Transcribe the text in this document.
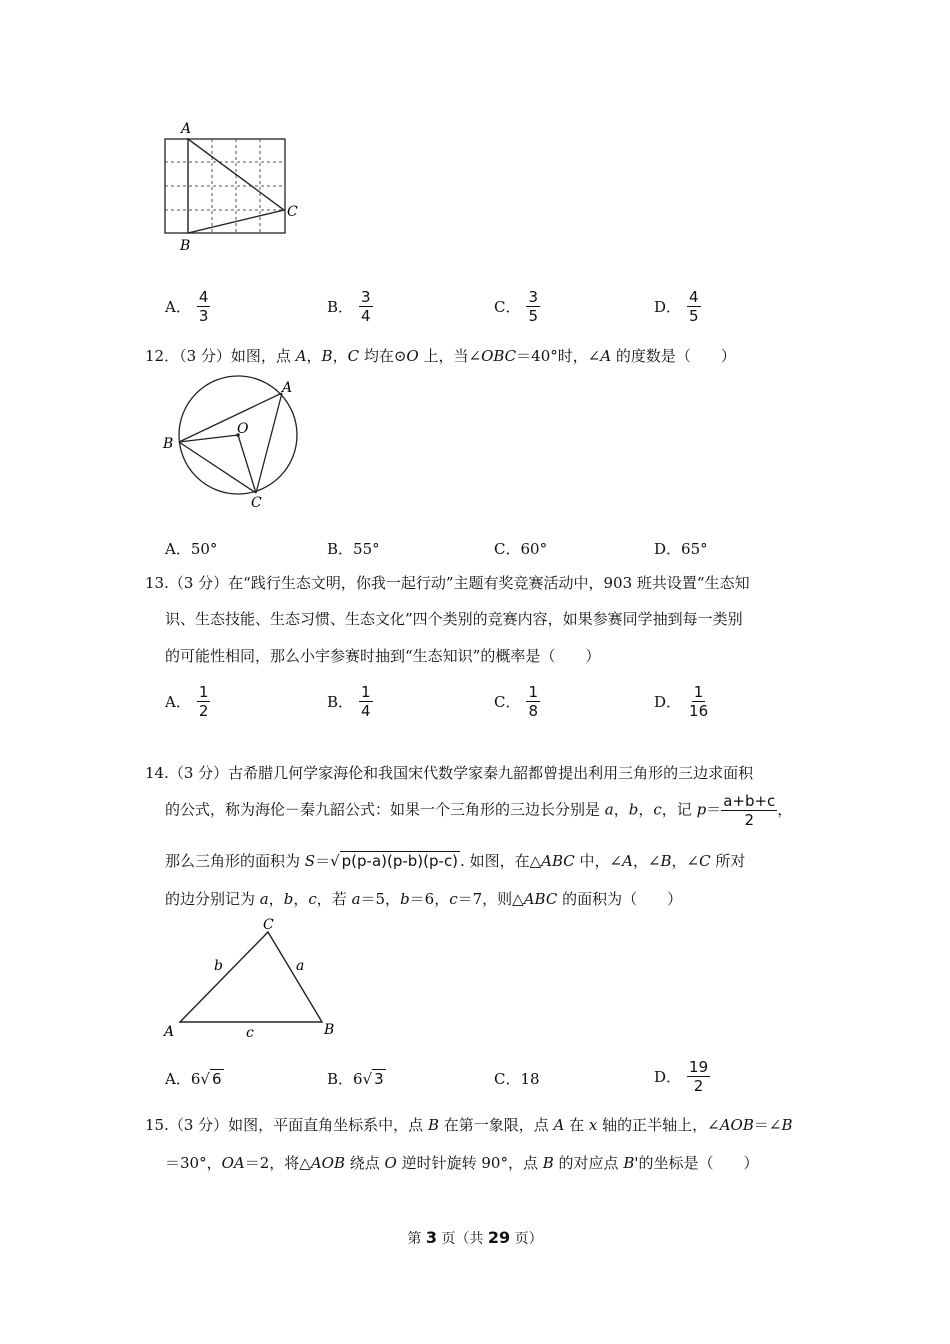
A
B
C
A． $\frac{4}{3}$	B． $\frac{3}{4}$	C． $\frac{3}{5}$	D． $\frac{4}{5}$
12．（3 分）如图，点 A，B，C 均在⊙O 上，当∠OBC＝40°时，∠A 的度数是（　　）
A
B
C
O
A．50°	B．55°	C．60°	D．65°
13.（3 分）在“践行生态文明，你我一起行动”主题有奖竞赛活动中，903 班共设置“生态知
识、生态技能、生态习惯、生态文化”四个类别的竞赛内容，如果参赛同学抽到每一类别
的可能性相同，那么小宇参赛时抽到“生态知识”的概率是（　　）
A． $\frac{1}{2}$	B． $\frac{1}{4}$	C． $\frac{1}{8}$	D． $\frac{1}{16}$
14.（3 分）古希腊几何学家海伦和我国宋代数学家秦九韶都曾提出利用三角形的三边求面积
的公式，称为海伦－秦九韶公式：如果一个三角形的三边长分别是 a，b，c，记 $p= \frac{a+b+c}{2}$ ，
那么三角形的面积为 S＝√ p(p-a)(p-b)(p-c) . 如图，在△ABC 中，∠A，∠B，∠C 所对
的边分别记为 a，b，c，若 a＝5，b＝6，c＝7，则△ABC 的面积为（　　）
C
b	a
A	c	B
A．6√ 6	B．6√ 3	C．18	D． $\frac{19}{2}$
15.（3 分）如图，平面直角坐标系中，点 B 在第一象限，点 A 在 x 轴的正半轴上，∠AOB＝∠B
＝30°，OA＝2，将△AOB 绕点 O 逆时针旋转 90°，点 B 的对应点 B'的坐标是（　　）
第 3 页（共 29 页）
